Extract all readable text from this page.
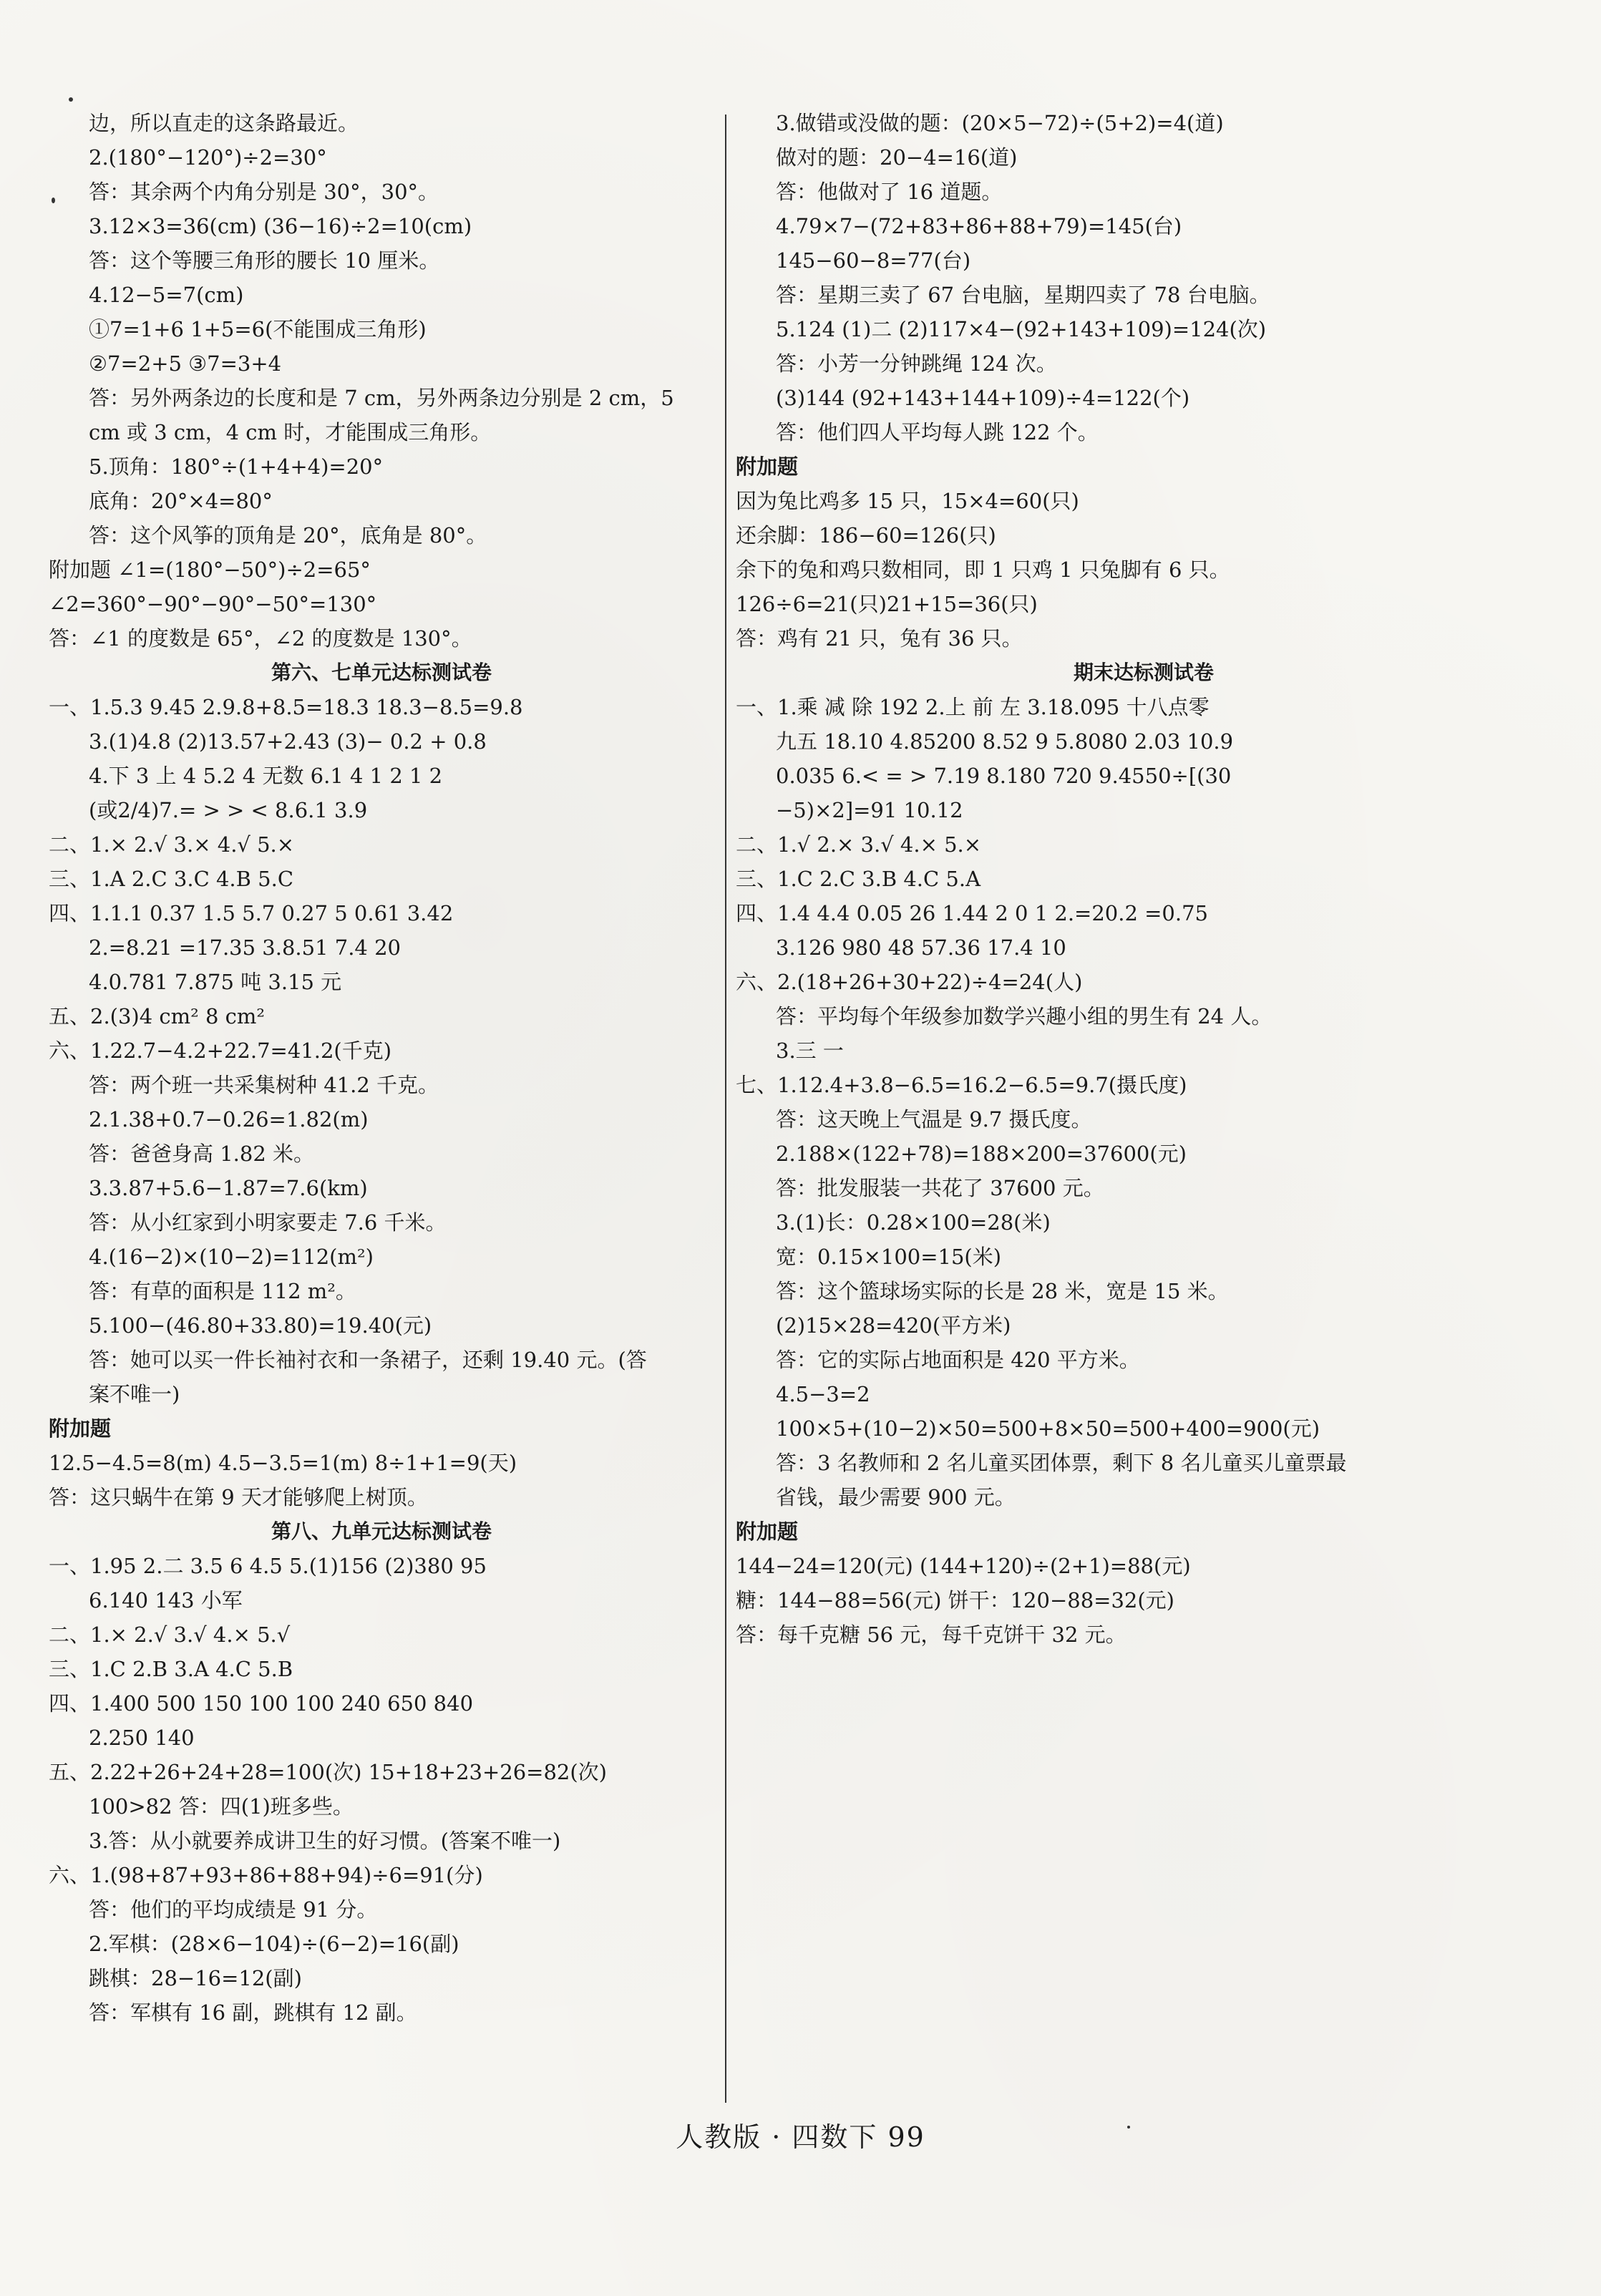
边，所以直走的这条路最近。
2.(180°−120°)÷2=30°
答：其余两个内角分别是 30°，30°。
3.12×3=36(cm) (36−16)÷2=10(cm)
答：这个等腰三角形的腰长 10 厘米。
4.12−5=7(cm)
①7=1+6 1+5=6(不能围成三角形)
②7=2+5 ③7=3+4
答：另外两条边的长度和是 7 cm，另外两条边分别是 2 cm，5
cm 或 3 cm，4 cm 时，才能围成三角形。
5.顶角：180°÷(1+4+4)=20°
底角：20°×4=80°
答：这个风筝的顶角是 20°，底角是 80°。
附加题 ∠1=(180°−50°)÷2=65°
∠2=360°−90°−90°−50°=130°
答：∠1 的度数是 65°，∠2 的度数是 130°。
第六、七单元达标测试卷
一、1.5.3 9.45 2.9.8+8.5=18.3 18.3−8.5=9.8
3.(1)4.8 (2)13.57+2.43 (3)− 0.2 + 0.8
4.下 3 上 4 5.2 4 无数 6.1 4 1 2 1 2
(或2/4)7.= > > < 8.6.1 3.9
二、1.× 2.√ 3.× 4.√ 5.×
三、1.A 2.C 3.C 4.B 5.C
四、1.1.1 0.37 1.5 5.7 0.27 5 0.61 3.42
2.=8.21 =17.35 3.8.51 7.4 20
4.0.781 7.875 吨 3.15 元
五、2.(3)4 cm² 8 cm²
六、1.22.7−4.2+22.7=41.2(千克)
答：两个班一共采集树种 41.2 千克。
2.1.38+0.7−0.26=1.82(m)
答：爸爸身高 1.82 米。
3.3.87+5.6−1.87=7.6(km)
答：从小红家到小明家要走 7.6 千米。
4.(16−2)×(10−2)=112(m²)
答：有草的面积是 112 m²。
5.100−(46.80+33.80)=19.40(元)
答：她可以买一件长袖衬衣和一条裙子，还剩 19.40 元。(答
案不唯一)
附加题
12.5−4.5=8(m) 4.5−3.5=1(m) 8÷1+1=9(天)
答：这只蜗牛在第 9 天才能够爬上树顶。
第八、九单元达标测试卷
一、1.95 2.二 3.5 6 4.5 5.(1)156 (2)380 95
6.140 143 小军
二、1.× 2.√ 3.√ 4.× 5.√
三、1.C 2.B 3.A 4.C 5.B
四、1.400 500 150 100 100 240 650 840
2.250 140
五、2.22+26+24+28=100(次) 15+18+23+26=82(次)
100>82 答：四(1)班多些。
3.答：从小就要养成讲卫生的好习惯。(答案不唯一)
六、1.(98+87+93+86+88+94)÷6=91(分)
答：他们的平均成绩是 91 分。
2.军棋：(28×6−104)÷(6−2)=16(副)
跳棋：28−16=12(副)
答：军棋有 16 副，跳棋有 12 副。
3.做错或没做的题：(20×5−72)÷(5+2)=4(道)
做对的题：20−4=16(道)
答：他做对了 16 道题。
4.79×7−(72+83+86+88+79)=145(台)
145−60−8=77(台)
答：星期三卖了 67 台电脑，星期四卖了 78 台电脑。
5.124 (1)二 (2)117×4−(92+143+109)=124(次)
答：小芳一分钟跳绳 124 次。
(3)144 (92+143+144+109)÷4=122(个)
答：他们四人平均每人跳 122 个。
附加题
因为兔比鸡多 15 只，15×4=60(只)
还余脚：186−60=126(只)
余下的兔和鸡只数相同，即 1 只鸡 1 只兔脚有 6 只。
126÷6=21(只)21+15=36(只)
答：鸡有 21 只，兔有 36 只。
期末达标测试卷
一、1.乘 减 除 192 2.上 前 左 3.18.095 十八点零
九五 18.10 4.85200 8.52 9 5.8080 2.03 10.9
0.035 6.< = > 7.19 8.180 720 9.4550÷[(30
−5)×2]=91 10.12
二、1.√ 2.× 3.√ 4.× 5.×
三、1.C 2.C 3.B 4.C 5.A
四、1.4 4.4 0.05 26 1.44 2 0 1 2.=20.2 =0.75
3.126 980 48 57.36 17.4 10
六、2.(18+26+30+22)÷4=24(人)
答：平均每个年级参加数学兴趣小组的男生有 24 人。
3.三 一
七、1.12.4+3.8−6.5=16.2−6.5=9.7(摄氏度)
答：这天晚上气温是 9.7 摄氏度。
2.188×(122+78)=188×200=37600(元)
答：批发服装一共花了 37600 元。
3.(1)长：0.28×100=28(米)
宽：0.15×100=15(米)
答：这个篮球场实际的长是 28 米，宽是 15 米。
(2)15×28=420(平方米)
答：它的实际占地面积是 420 平方米。
4.5−3=2
100×5+(10−2)×50=500+8×50=500+400=900(元)
答：3 名教师和 2 名儿童买团体票，剩下 8 名儿童买儿童票最
省钱，最少需要 900 元。
附加题
144−24=120(元) (144+120)÷(2+1)=88(元)
糖：144−88=56(元) 饼干：120−88=32(元)
答：每千克糖 56 元，每千克饼干 32 元。
人教版 · 四数下 99
